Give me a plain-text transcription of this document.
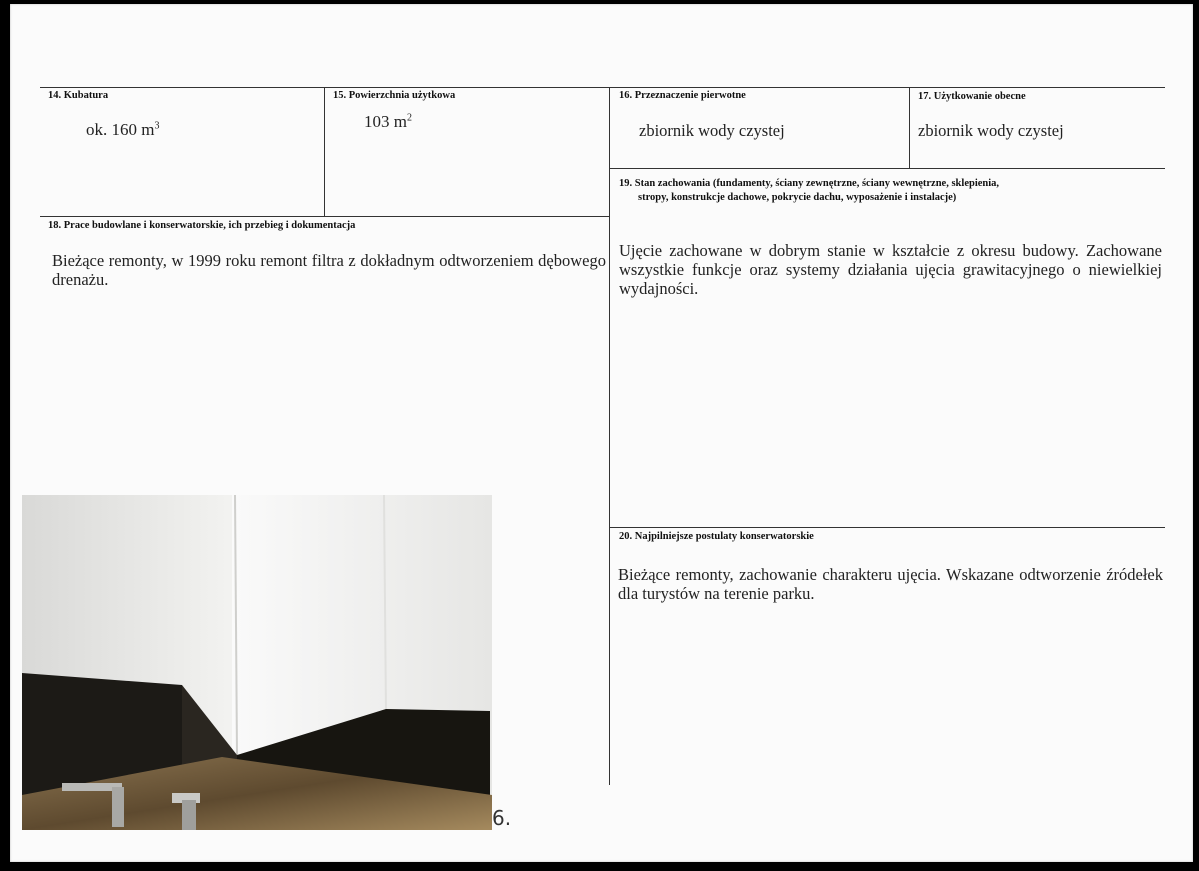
14. Kubatura
ok. 160 $m^3$
15. Powierzchnia użytkowa
103 $m^2$
16. Przeznaczenie pierwotne
zbiornik wody czystej
17. Użytkowanie obecne
zbiornik wody czystej
18. Prace budowlane i konserwatorskie, ich przebieg i dokumentacja
Bieżące remonty, w 1999 roku remont filtra z dokładnym odtworzeniem dębowego drenażu.
19. Stan zachowania (fundamenty, ściany zewnętrzne, ściany wewnętrzne, sklepienia,
stropy, konstrukcje dachowe, pokrycie dachu, wyposażenie i instalacje)
Ujęcie zachowane w dobrym stanie w kształcie z okresu budowy. Zachowane wszystkie funkcje oraz systemy działania ujęcia grawitacyjnego o niewielkiej wydajności.
20. Najpilniejsze postulaty konserwatorskie
Bieżące remonty, zachowanie charakteru ujęcia. Wskazane odtworzenie źródełek dla turystów na terenie parku.
6.
